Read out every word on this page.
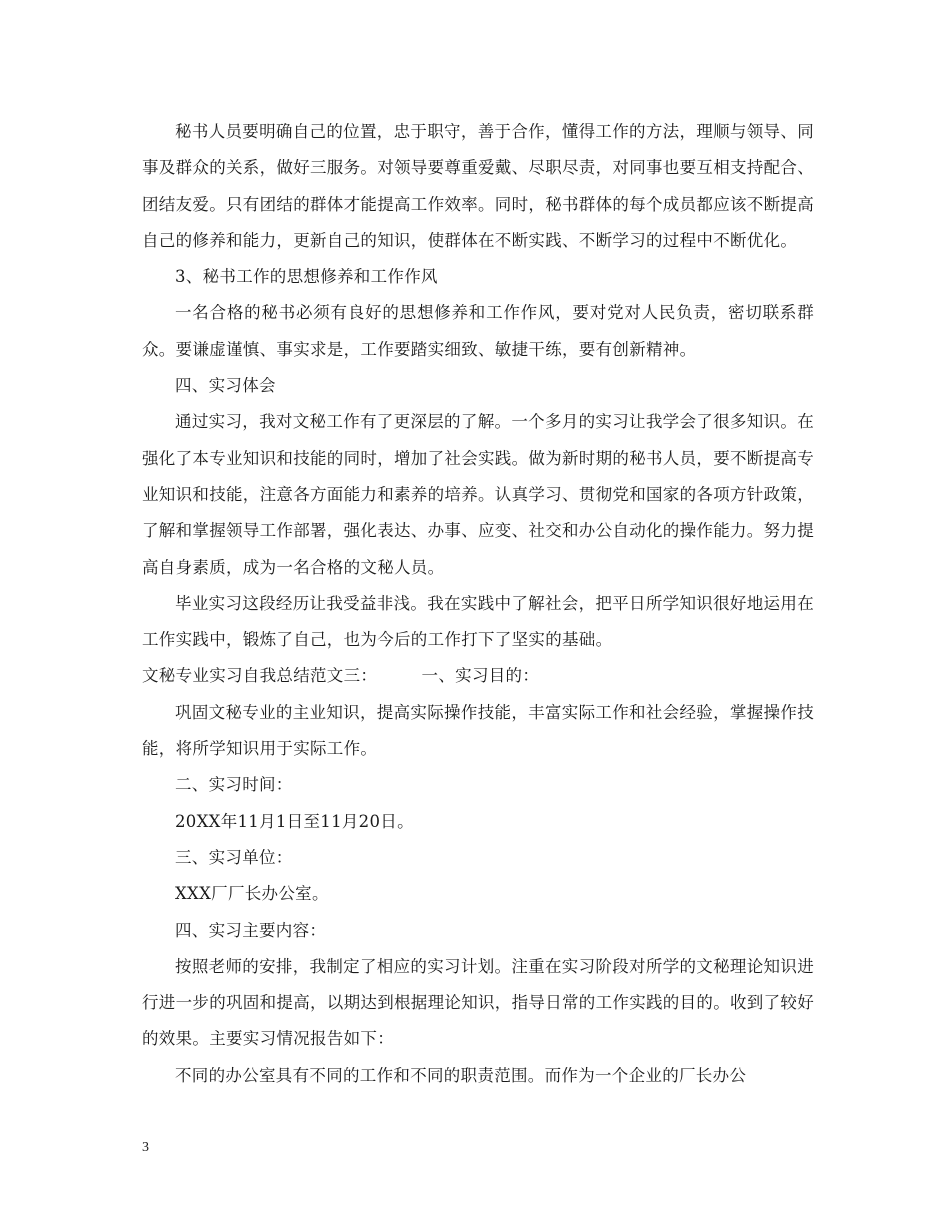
秘书人员要明确自己的位置，忠于职守，善于合作，懂得工作的方法，理顺与领导、同事及群众的关系，做好三服务。对领导要尊重爱戴、尽职尽责，对同事也要互相支持配合、团结友爱。只有团结的群体才能提高工作效率。同时，秘书群体的每个成员都应该不断提高自己的修养和能力，更新自己的知识，使群体在不断实践、不断学习的过程中不断优化。

3、秘书工作的思想修养和工作作风

一名合格的秘书必须有良好的思想修养和工作作风，要对党对人民负责，密切联系群众。要谦虚谨慎、事实求是，工作要踏实细致、敏捷干练，要有创新精神。

四、实习体会

通过实习，我对文秘工作有了更深层的了解。一个多月的实习让我学会了很多知识。在强化了本专业知识和技能的同时，增加了社会实践。做为新时期的秘书人员，要不断提高专业知识和技能，注意各方面能力和素养的培养。认真学习、贯彻党和国家的各项方针政策，了解和掌握领导工作部署，强化表达、办事、应变、社交和办公自动化的操作能力。努力提高自身素质，成为一名合格的文秘人员。

毕业实习这段经历让我受益非浅。我在实践中了解社会，把平日所学知识很好地运用在工作实践中，锻炼了自己，也为今后的工作打下了坚实的基础。

文秘专业实习自我总结范文三：        一、实习目的：

巩固文秘专业的主业知识，提高实际操作技能，丰富实际工作和社会经验，掌握操作技能，将所学知识用于实际工作。

二、实习时间：

20XX年11月1日至11月20日。

三、实习单位：

XXX厂厂长办公室。

四、实习主要内容：

按照老师的安排，我制定了相应的实习计划。注重在实习阶段对所学的文秘理论知识进行进一步的巩固和提高，以期达到根据理论知识，指导日常的工作实践的目的。收到了较好的效果。主要实习情况报告如下：

不同的办公室具有不同的工作和不同的职责范围。而作为一个企业的厂长办公

3
